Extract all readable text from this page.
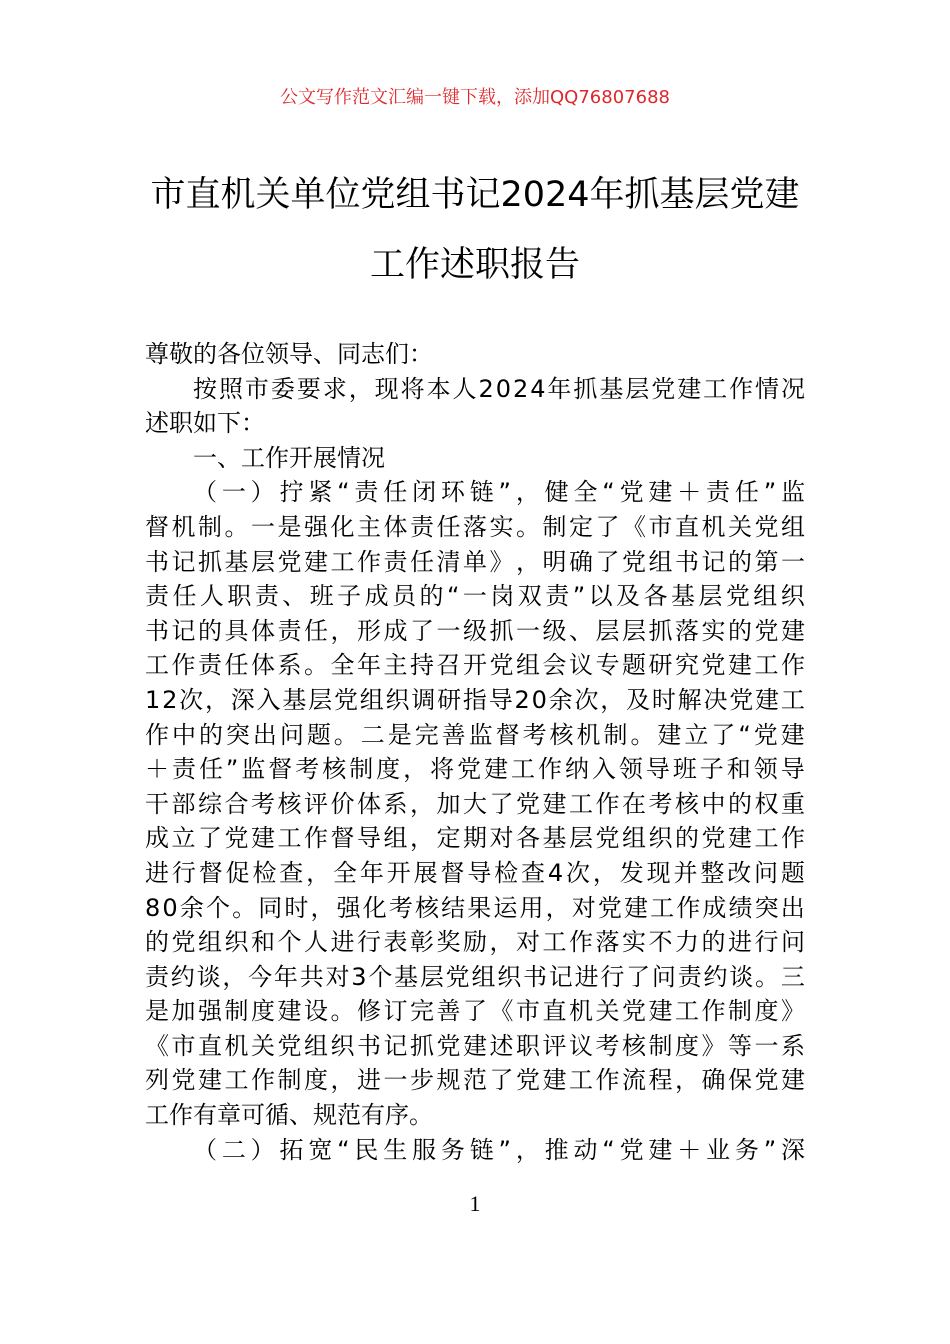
公文写作范文汇编一键下载，添加QQ76807688
市直机关单位党组书记2024年抓基层党建
工作述职报告
尊敬的各位领导、同志们：
按 照 市 委 要 求 ， 现 将 本 人 2 0 2 4 年 抓 基 层 党 建 工 作 情 况
述职如下：
一、工作开展情况
（ 一 ） 拧 紧 “ 责 任 闭 环 链 ” ， 健 全 “ 党 建 ＋ 责 任 ” 监
督 机 制 。 一 是 强 化 主 体 责 任 落 实 。 制 定 了 《 市 直 机 关 党 组
书 记 抓 基 层 党 建 工 作 责 任 清 单 》 ， 明 确 了 党 组 书 记 的 第 一
责 任 人 职 责 、 班 子 成 员 的 “ 一 岗 双 责 ” 以 及 各 基 层 党 组 织
书 记 的 具 体 责 任 ， 形 成 了 一 级 抓 一 级 、 层 层 抓 落 实 的 党 建
工 作 责 任 体 系 。 全 年 主 持 召 开 党 组 会 议 专 题 研 究 党 建 工 作
1 2 次 ， 深 入 基 层 党 组 织 调 研 指 导 2 0 余 次 ， 及 时 解 决 党 建 工
作 中 的 突 出 问 题 。 二 是 完 善 监 督 考 核 机 制 。 建 立 了 “ 党 建
＋ 责 任 ” 监 督 考 核 制 度 ， 将 党 建 工 作 纳 入 领 导 班 子 和 领 导
干 部 综 合 考 核 评 价 体 系 ， 加 大 了 党 建 工 作 在 考 核 中 的 权 重
成 立 了 党 建 工 作 督 导 组 ， 定 期 对 各 基 层 党 组 织 的 党 建 工 作
进 行 督 促 检 查 ， 全 年 开 展 督 导 检 查 4 次 ， 发 现 并 整 改 问 题
8 0 余 个 。 同 时 ， 强 化 考 核 结 果 运 用 ， 对 党 建 工 作 成 绩 突 出
的 党 组 织 和 个 人 进 行 表 彰 奖 励 ， 对 工 作 落 实 不 力 的 进 行 问
责 约 谈 ， 今 年 共 对 3 个 基 层 党 组 织 书 记 进 行 了 问 责 约 谈 。 三
是 加 强 制 度 建 设 。 修 订 完 善 了 《 市 直 机 关 党 建 工 作 制 度 》
《 市 直 机 关 党 组 织 书 记 抓 党 建 述 职 评 议 考 核 制 度 》 等 一 系
列 党 建 工 作 制 度 ， 进 一 步 规 范 了 党 建 工 作 流 程 ， 确 保 党 建
工作有章可循、规范有序。
（ 二 ） 拓 宽 “ 民 生 服 务 链 ” ， 推 动 “ 党 建 ＋ 业 务 ” 深
1
